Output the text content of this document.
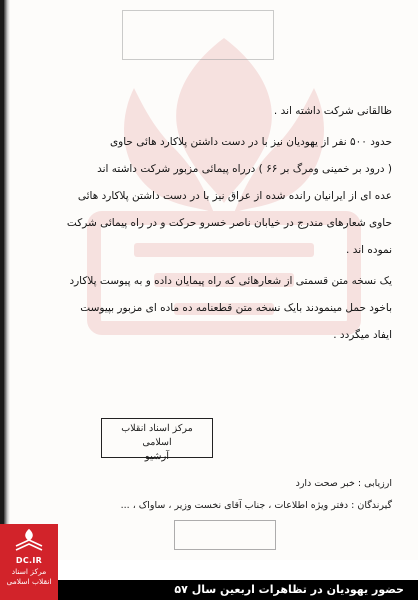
ظالقانی شرکت داشته اند .

حدود ۵۰۰ نفر از یهودیان نیز با در دست داشتن پلاکارد هائی حاوی

( درود بر خمینی ومرگ بر ۶۶ ) درراه پیمائی مزبور شرکت داشته اند

عده ای از ایرانیان رانده شده از عراق نیز با در دست داشتن پلاکارد هائی

حاوی شعارهای مندرج در خیابان ناصر خسرو حرکت و در راه پیمائی شرکت

نموده اند .

یک نسخه متن قسمتی از شعارهائی که راه پیمایان داده و به پیوست پلاکارد

باخود حمل مینمودند بایک نسخه متن قطعنامه ده ماده ای مزبور بپیوست

ایفاد میگردد .

مرکز اسناد انقلاب اسلامی
آرشیو
ارزیابی : خبر صحت دارد
گیرندگان : دفتر ویژه اطلاعات ، جناب آقای نخست وزیر ، ساواک ، ...
حضور یهودیان در تظاهرات اربعین سال ۵۷
DC.IR
مرکز اسناد
انقلاب اسلامی
